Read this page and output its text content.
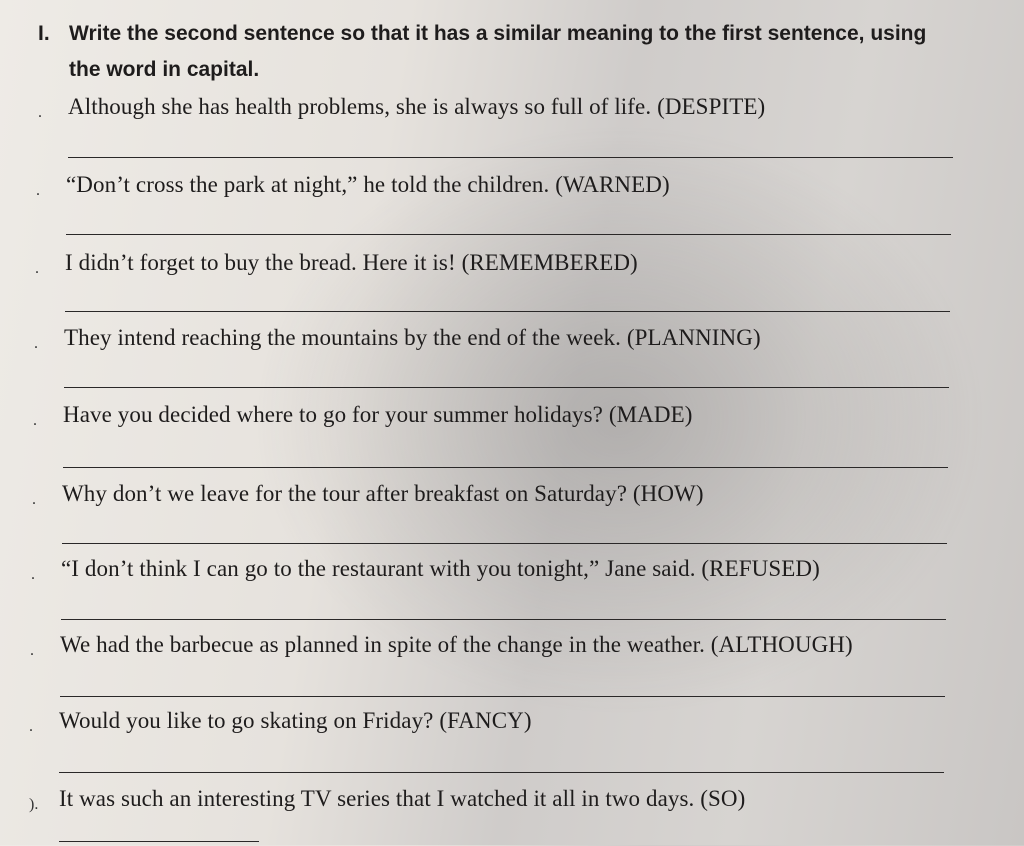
I. Write the second sentence so that it has a similar meaning to the first sentence, using
the word in capital.
. Although she has health problems, she is always so full of life. (DESPITE)
. “Don’t cross the park at night,” he told the children. (WARNED)
. I didn’t forget to buy the bread. Here it is! (REMEMBERED)
. They intend reaching the mountains by the end of the week. (PLANNING)
. Have you decided where to go for your summer holidays? (MADE)
. Why don’t we leave for the tour after breakfast on Saturday? (HOW)
. “I don’t think I can go to the restaurant with you tonight,” Jane said. (REFUSED)
. We had the barbecue as planned in spite of the change in the weather. (ALTHOUGH)
. Would you like to go skating on Friday? (FANCY)
). It was such an interesting TV series that I watched it all in two days. (SO)
